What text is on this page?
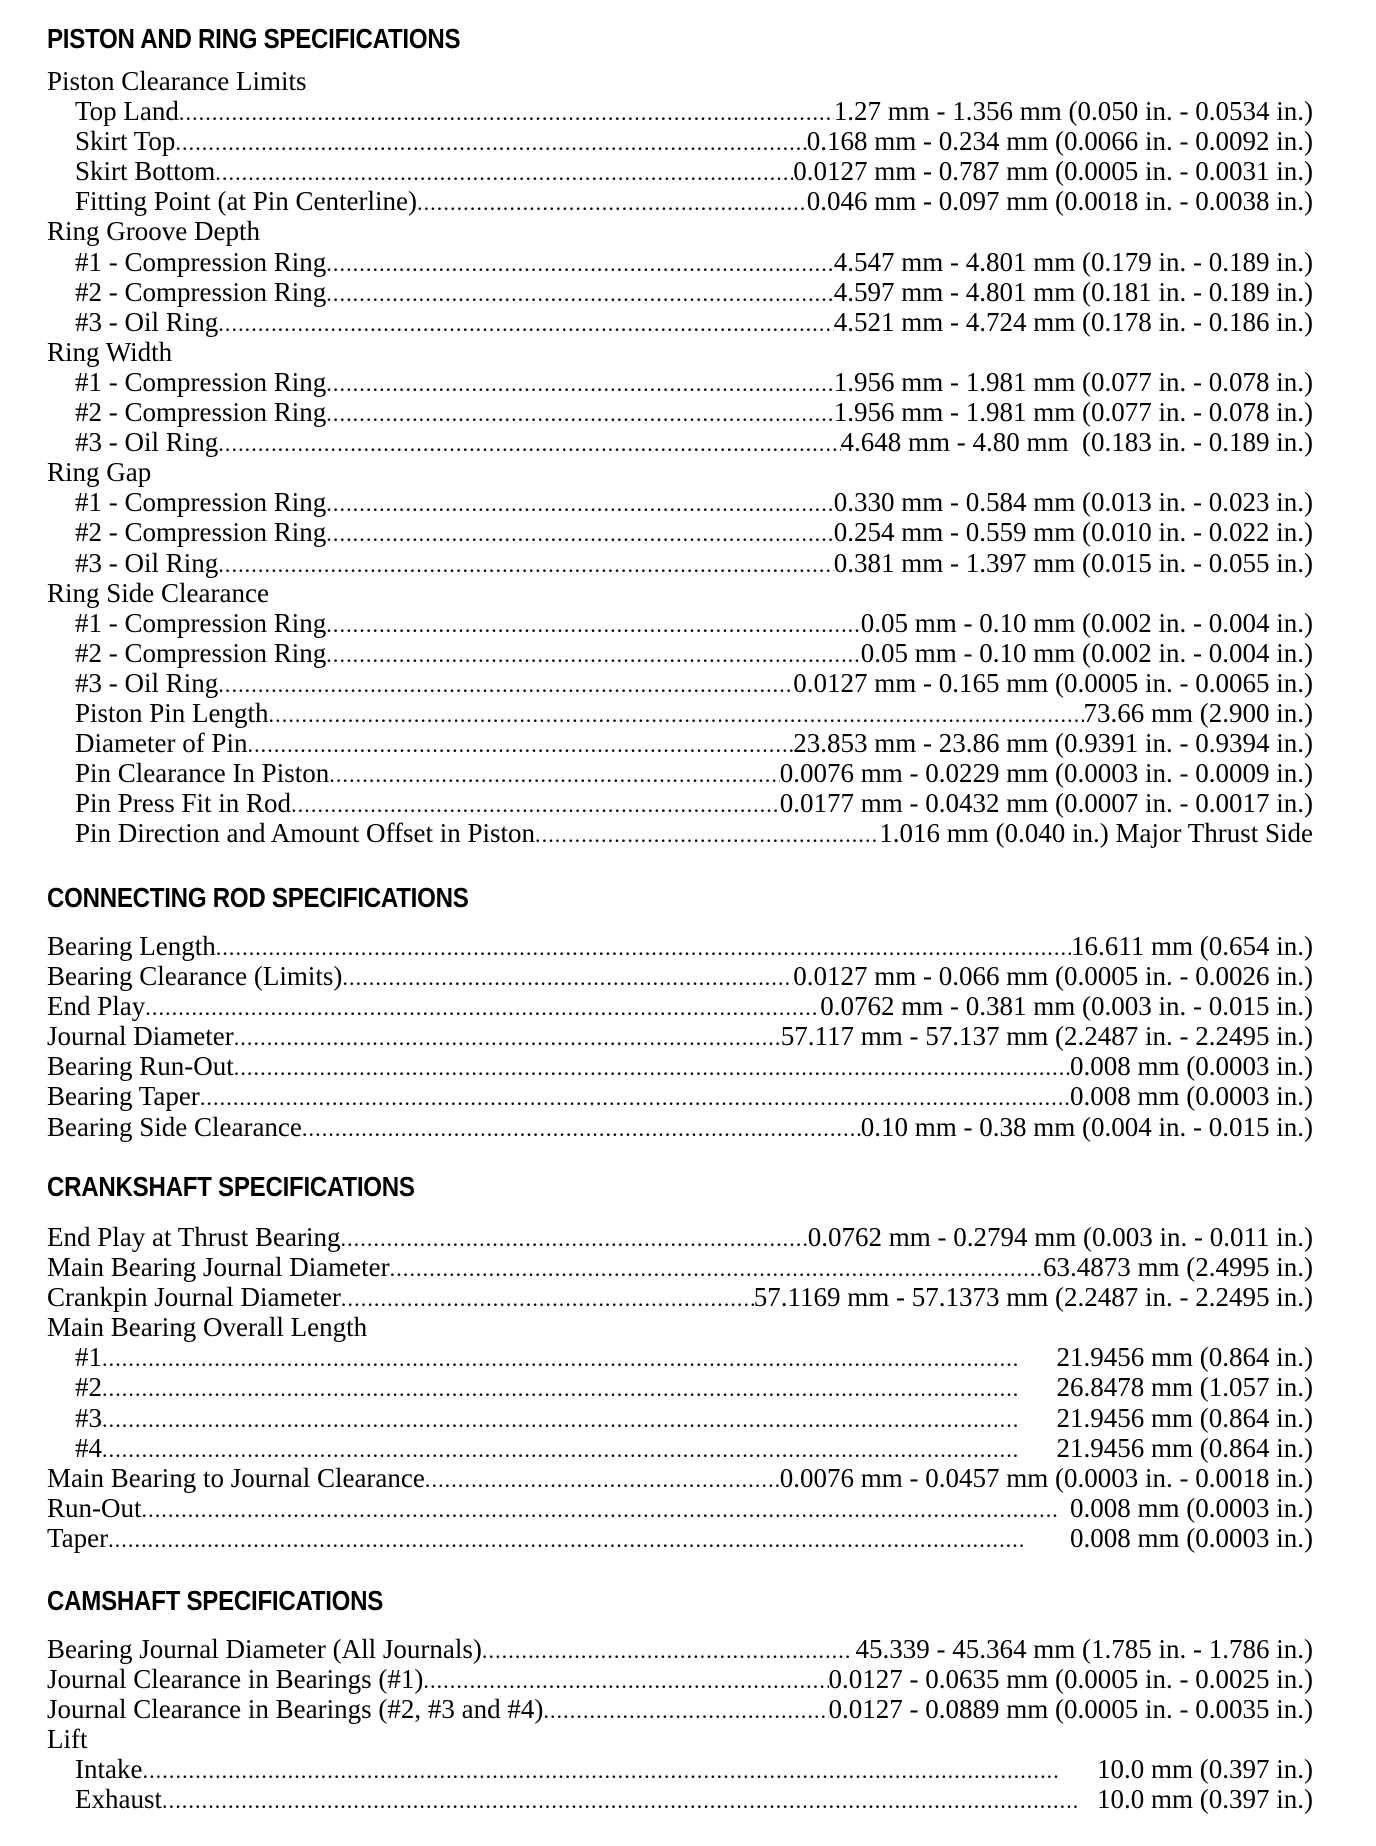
PISTON AND RING SPECIFICATIONS
Piston Clearance Limits
Top Land . . .	1.27 mm - 1.356 mm (0.050 in. - 0.0534 in.)
Skirt Top . . .	0.168 mm - 0.234 mm (0.0066 in. - 0.0092 in.)
Skirt Bottom . . .	0.0127 mm - 0.787 mm (0.0005 in. - 0.0031 in.)
Fitting Point (at Pin Centerline) . . .	0.046 mm - 0.097 mm (0.0018 in. - 0.0038 in.)
Ring Groove Depth
#1 - Compression Ring . . .	4.547 mm - 4.801 mm (0.179 in. - 0.189 in.)
#2 - Compression Ring . . .	4.597 mm - 4.801 mm (0.181 in. - 0.189 in.)
#3 - Oil Ring . . .	4.521 mm - 4.724 mm (0.178 in. - 0.186 in.)
Ring Width
#1 - Compression Ring . . .	1.956 mm - 1.981 mm (0.077 in. - 0.078 in.)
#2 - Compression Ring . . .	1.956 mm - 1.981 mm (0.077 in. - 0.078 in.)
#3 - Oil Ring . . .	4.648 mm - 4.80 mm  (0.183 in. - 0.189 in.)
Ring Gap
#1 - Compression Ring . . .	0.330 mm - 0.584 mm (0.013 in. - 0.023 in.)
#2 - Compression Ring . . .	0.254 mm - 0.559 mm (0.010 in. - 0.022 in.)
#3 - Oil Ring . . .	0.381 mm - 1.397 mm (0.015 in. - 0.055 in.)
Ring Side Clearance
#1 - Compression Ring . . .	0.05 mm - 0.10 mm (0.002 in. - 0.004 in.)
#2 - Compression Ring . . .	0.05 mm - 0.10 mm (0.002 in. - 0.004 in.)
#3 - Oil Ring . . .	0.0127 mm - 0.165 mm (0.0005 in. - 0.0065 in.)
Piston Pin Length . . .	73.66 mm (2.900 in.)
Diameter of Pin . . .	23.853 mm - 23.86 mm (0.9391 in. - 0.9394 in.)
Pin Clearance In Piston . . .	0.0076 mm - 0.0229 mm (0.0003 in. - 0.0009 in.)
Pin Press Fit in Rod . . .	0.0177 mm - 0.0432 mm (0.0007 in. - 0.0017 in.)
Pin Direction and Amount Offset in Piston . . .	1.016 mm (0.040 in.) Major Thrust Side
CONNECTING ROD SPECIFICATIONS
Bearing Length . . .	16.611 mm (0.654 in.)
Bearing Clearance (Limits) . . .	0.0127 mm - 0.066 mm (0.0005 in. - 0.0026 in.)
End Play . . .	0.0762 mm - 0.381 mm (0.003 in. - 0.015 in.)
Journal Diameter . . .	57.117 mm - 57.137 mm (2.2487 in. - 2.2495 in.)
Bearing Run-Out . . .	0.008 mm (0.0003 in.)
Bearing Taper . . .	0.008 mm (0.0003 in.)
Bearing Side Clearance . . .	0.10 mm - 0.38 mm (0.004 in. - 0.015 in.)
CRANKSHAFT SPECIFICATIONS
End Play at Thrust Bearing . . .	0.0762 mm - 0.2794 mm (0.003 in. - 0.011 in.)
Main Bearing Journal Diameter . . .	63.4873 mm (2.4995 in.)
Crankpin Journal Diameter . . .	57.1169 mm - 57.1373 mm (2.2487 in. - 2.2495 in.)
Main Bearing Overall Length
#1 . . .	21.9456 mm (0.864 in.)
#2 . . .	26.8478 mm (1.057 in.)
#3 . . .	21.9456 mm (0.864 in.)
#4 . . .	21.9456 mm (0.864 in.)
Main Bearing to Journal Clearance . . .	0.0076 mm - 0.0457 mm (0.0003 in. - 0.0018 in.)
Run-Out . . .	0.008 mm (0.0003 in.)
Taper . . .	0.008 mm (0.0003 in.)
CAMSHAFT SPECIFICATIONS
Bearing Journal Diameter (All Journals) . . .	45.339 - 45.364 mm (1.785 in. - 1.786 in.)
Journal Clearance in Bearings (#1) . . .	0.0127 - 0.0635 mm (0.0005 in. - 0.0025 in.)
Journal Clearance in Bearings (#2, #3 and #4) . . .	0.0127 - 0.0889 mm (0.0005 in. - 0.0035 in.)
Lift
Intake . . .	10.0 mm (0.397 in.)
Exhaust . . .	10.0 mm (0.397 in.)
